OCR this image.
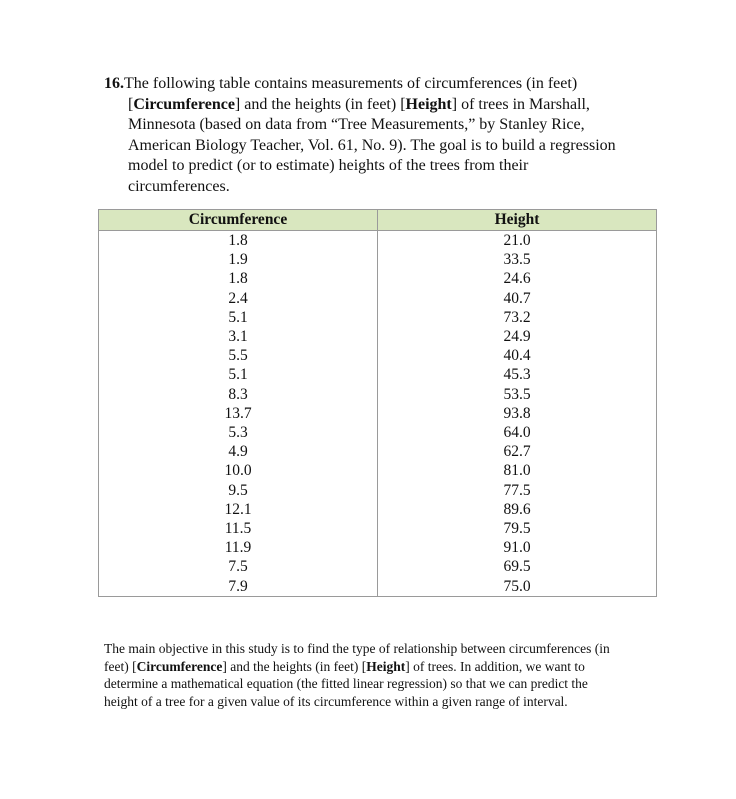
16.The following table contains measurements of circumferences (in feet)
[Circumference] and the heights (in feet) [Height] of trees in Marshall,
Minnesota (based on data from “Tree Measurements,” by Stanley Rice,
American Biology Teacher, Vol. 61, No. 9). The goal is to build a regression
model to predict (or to estimate) heights of the trees from their
circumferences.
Circumference	Height
1.8	21.0
1.9	33.5
1.8	24.6
2.4	40.7
5.1	73.2
3.1	24.9
5.5	40.4
5.1	45.3
8.3	53.5
13.7	93.8
5.3	64.0
4.9	62.7
10.0	81.0
9.5	77.5
12.1	89.6
11.5	79.5
11.9	91.0
7.5	69.5
7.9	75.0
The main objective in this study is to find the type of relationship between circumferences (in
feet) [Circumference] and the heights (in feet) [Height] of trees. In addition, we want to
determine a mathematical equation (the fitted linear regression) so that we can predict the
height of a tree for a given value of its circumference within a given range of interval.
